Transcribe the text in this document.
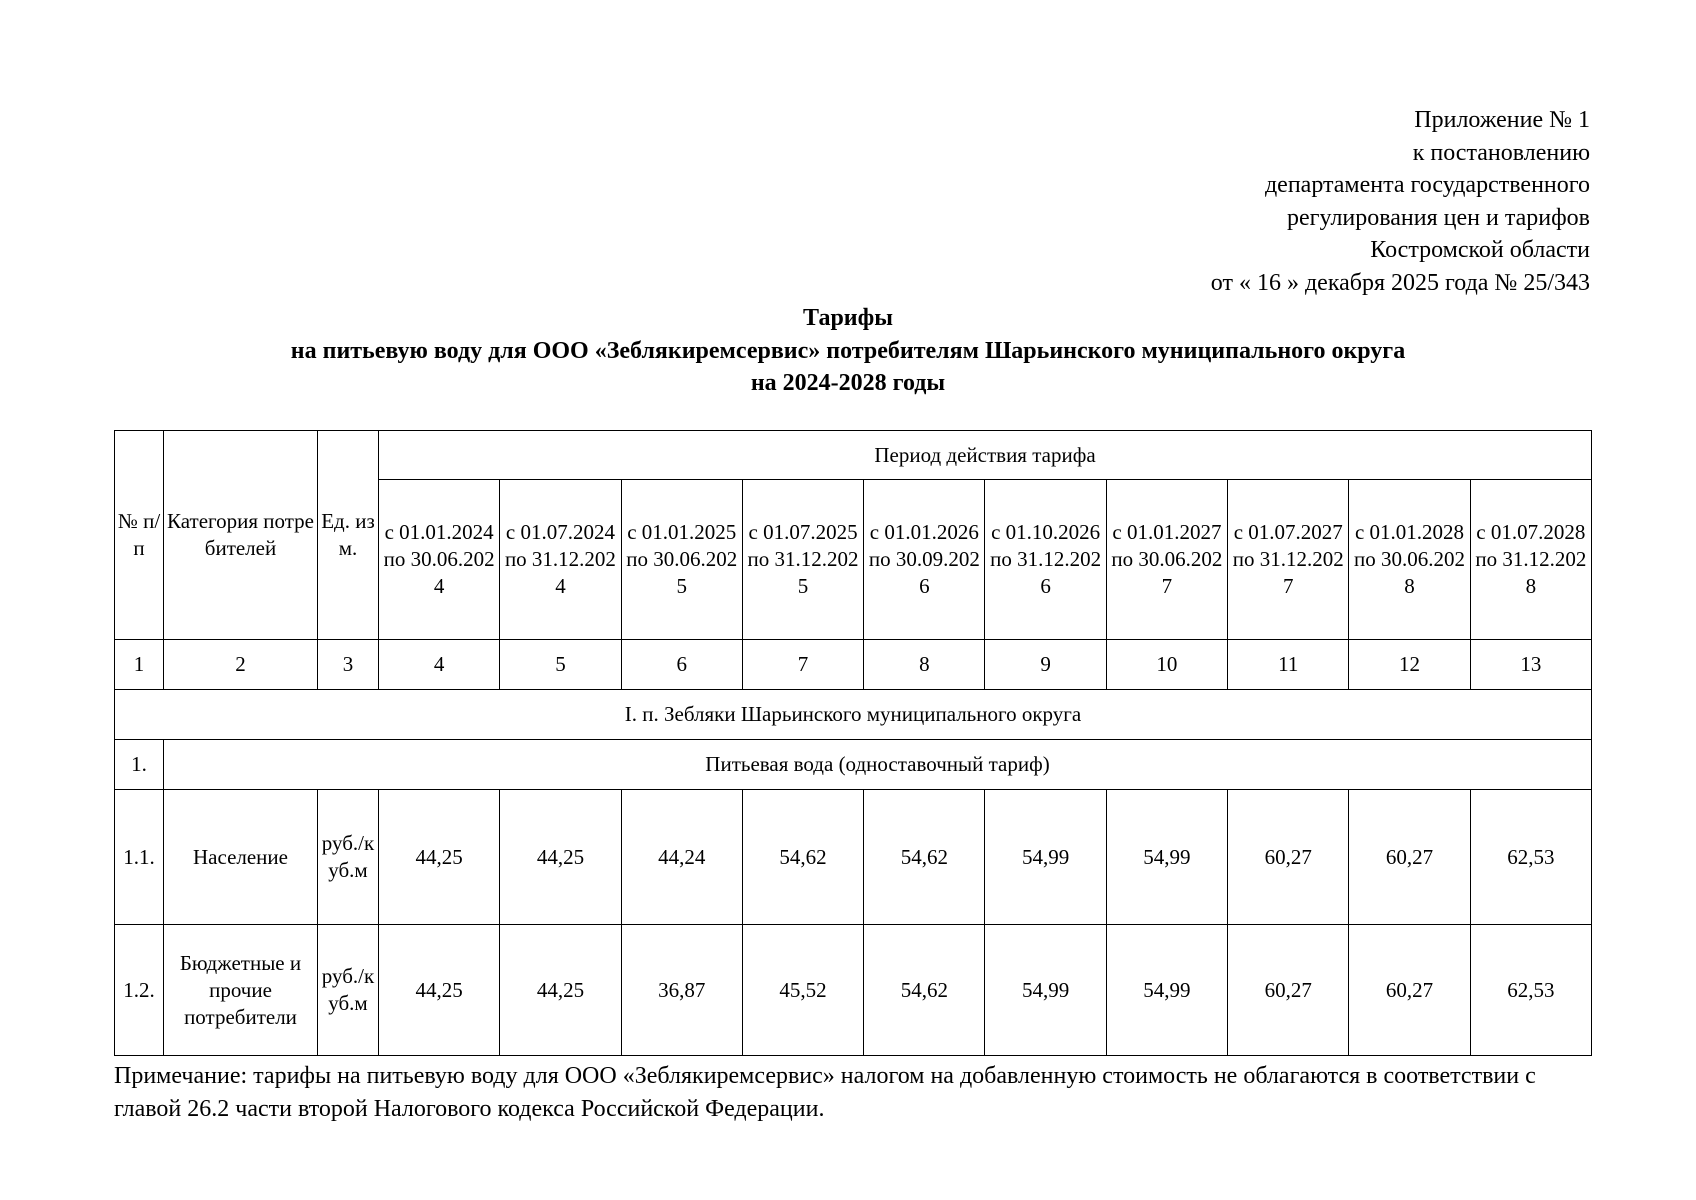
Приложение № 1
к постановлению
департамента государственного
регулирования цен и тарифов
Костромской области
от « 16 » декабря 2025 года № 25/343
Тарифы
на питьевую воду для ООО «Зеблякиремсервис» потребителям Шарьинского муниципального округа
на 2024-2028 годы
№ п/п	Категория потребителей	Ед. изм.	Период действия тарифа									
			с 01.01.2024 по 30.06.2024	с 01.07.2024 по 31.12.2024	с 01.01.2025 по 30.06.2025	с 01.07.2025 по 31.12.2025	с 01.01.2026 по 30.09.2026	с 01.10.2026 по 31.12.2026	с 01.01.2027 по 30.06.2027	с 01.07.2027 по 31.12.2027	с 01.01.2028 по 30.06.2028	с 01.07.2028 по 31.12.2028
1	2	3	4	5	6	7	8	9	10	11	12	13
I. п. Зебляки Шарьинского муниципального округа												
1.	Питьевая вода (одноставочный тариф)											
1.1.	Население	руб./куб.м	44,25	44,25	44,24	54,62	54,62	54,99	54,99	60,27	60,27	62,53
1.2.	Бюджетные и прочие потребители	руб./куб.м	44,25	44,25	36,87	45,52	54,62	54,99	54,99	60,27	60,27	62,53
Примечание: тарифы на питьевую воду для ООО «Зеблякиремсервис» налогом на добавленную стоимость не облагаются в соответствии с главой 26.2 части второй Налогового кодекса Российской Федерации.
